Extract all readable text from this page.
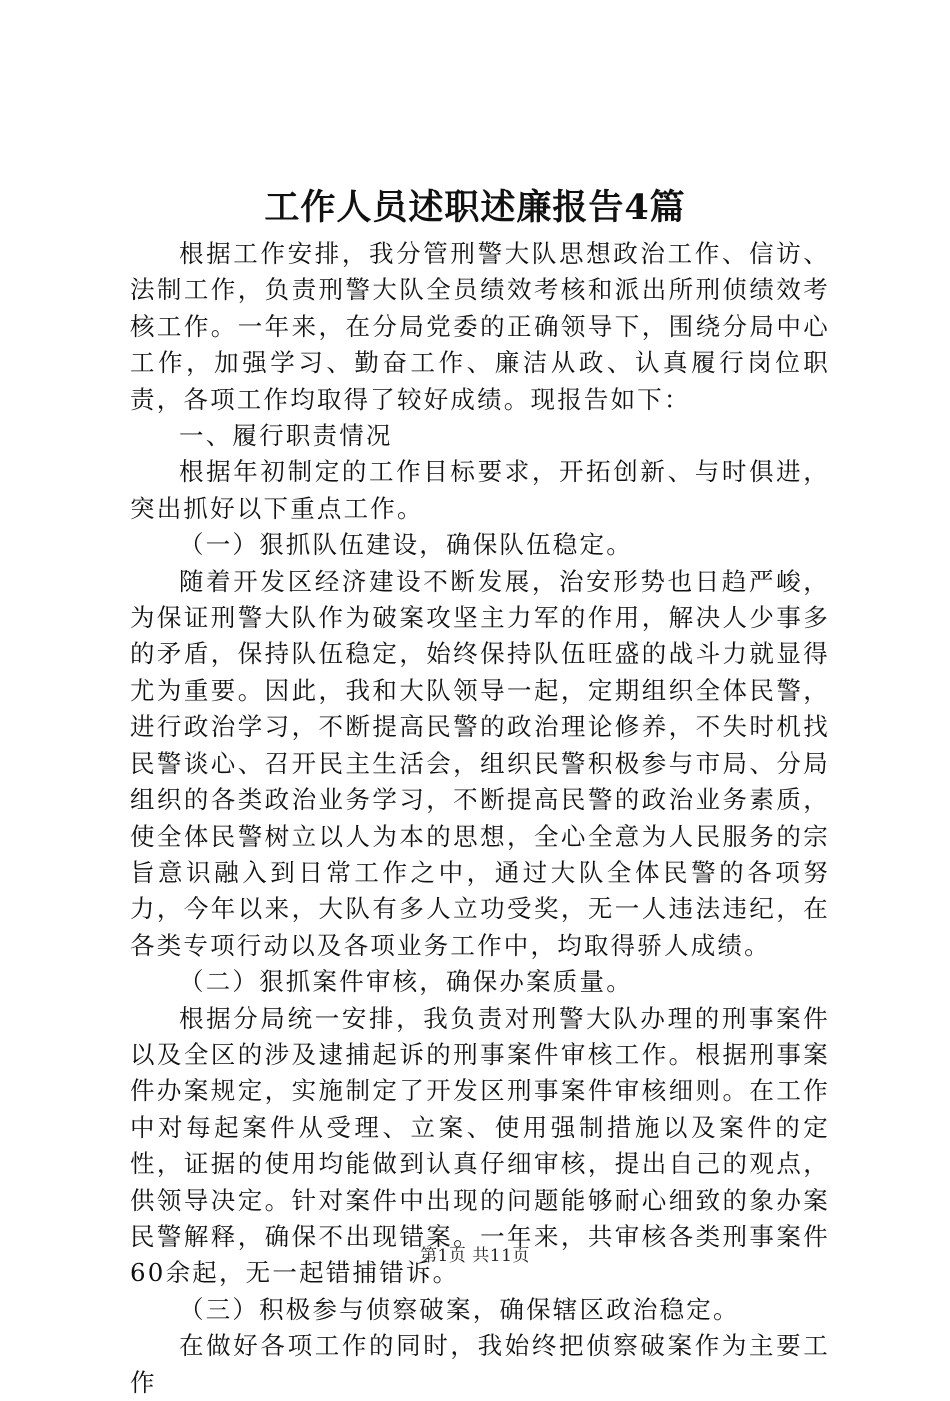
工作人员述职述廉报告4篇

根据工作安排，我分管刑警大队思想政治工作、信访、法制工作，负责刑警大队全员绩效考核和派出所刑侦绩效考核工作。一年来，在分局党委的正确领导下，围绕分局中心工作，加强学习、勤奋工作、廉洁从政、认真履行岗位职责，各项工作均取得了较好成绩。现报告如下：

一、履行职责情况

根据年初制定的工作目标要求，开拓创新、与时俱进，突出抓好以下重点工作。

（一）狠抓队伍建设，确保队伍稳定。

随着开发区经济建设不断发展，治安形势也日趋严峻，为保证刑警大队作为破案攻坚主力军的作用，解决人少事多的矛盾，保持队伍稳定，始终保持队伍旺盛的战斗力就显得尤为重要。因此，我和大队领导一起，定期组织全体民警，进行政治学习，不断提高民警的政治理论修养，不失时机找民警谈心、召开民主生活会，组织民警积极参与市局、分局组织的各类政治业务学习，不断提高民警的政治业务素质，使全体民警树立以人为本的思想，全心全意为人民服务的宗旨意识融入到日常工作之中，通过大队全体民警的各项努力，今年以来，大队有多人立功受奖，无一人违法违纪，在各类专项行动以及各项业务工作中，均取得骄人成绩。

（二）狠抓案件审核，确保办案质量。

根据分局统一安排，我负责对刑警大队办理的刑事案件以及全区的涉及逮捕起诉的刑事案件审核工作。根据刑事案件办案规定，实施制定了开发区刑事案件审核细则。在工作中对每起案件从受理、立案、使用强制措施以及案件的定性，证据的使用均能做到认真仔细审核，提出自己的观点，供领导决定。针对案件中出现的问题能够耐心细致的象办案民警解释，确保不出现错案。一年来，共审核各类刑事案件60余起，无一起错捕错诉。

（三）积极参与侦察破案，确保辖区政治稳定。

在做好各项工作的同时，我始终把侦察破案作为主要工作

第1页 共11页
